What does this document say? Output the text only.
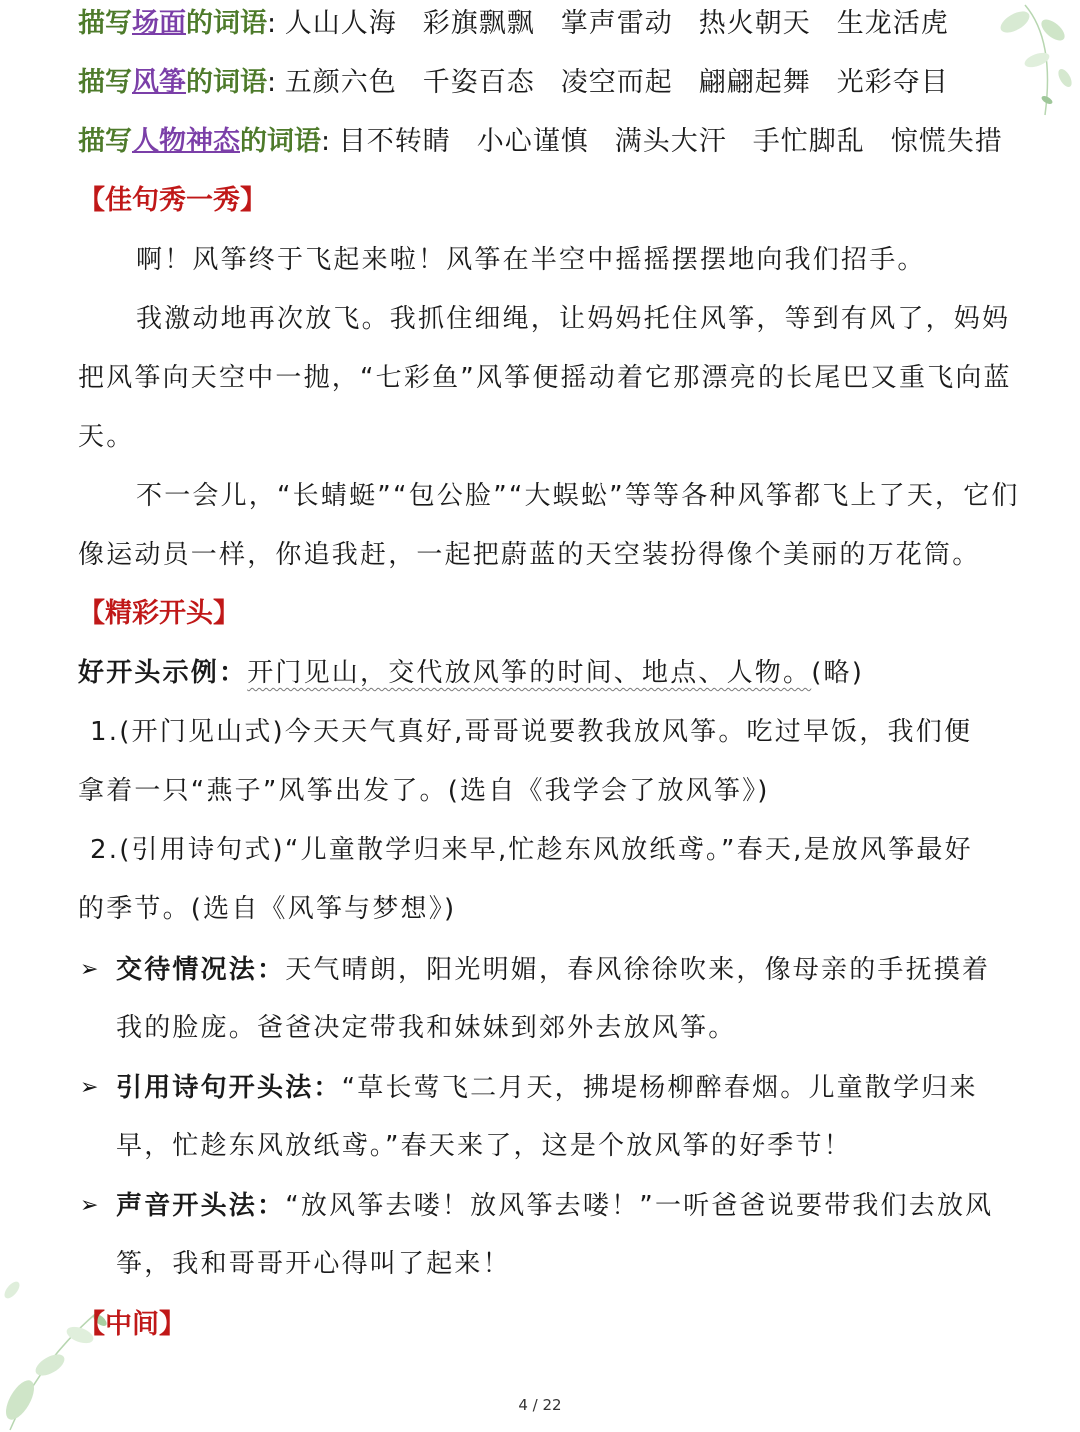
描写场面的词语: 人山人海 彩旗飘飘 掌声雷动 热火朝天 生龙活虎
描写风筝的词语: 五颜六色 千姿百态 凌空而起 翩翩起舞 光彩夺目
描写人物神态的词语: 目不转睛 小心谨慎 满头大汗 手忙脚乱 惊慌失措
【佳句秀一秀】
啊！风筝终于飞起来啦！风筝在半空中摇摇摆摆地向我们招手。
我激动地再次放飞。我抓住细绳，让妈妈托住风筝，等到有风了，妈妈
把风筝向天空中一抛，“七彩鱼”风筝便摇动着它那漂亮的长尾巴又重飞向蓝
天。
不一会儿，“长蜻蜓”“包公脸”“大蜈蚣”等等各种风筝都飞上了天，它们
像运动员一样，你追我赶，一起把蔚蓝的天空装扮得像个美丽的万花筒。
【精彩开头】
好开头示例：开门见山，交代放风筝的时间、地点、人物。(略)
1.(开门见山式)今天天气真好,哥哥说要教我放风筝。吃过早饭，我们便
拿着一只“燕子”风筝出发了。(选自《我学会了放风筝》)
2.(引用诗句式)“儿童散学归来早,忙趁东风放纸鸢。”春天,是放风筝最好
的季节。(选自《风筝与梦想》)
➢ 交待情况法：天气晴朗，阳光明媚，春风徐徐吹来，像母亲的手抚摸着
我的脸庞。爸爸决定带我和妹妹到郊外去放风筝。
➢ 引用诗句开头法：“草长莺飞二月天，拂堤杨柳醉春烟。儿童散学归来
早，忙趁东风放纸鸢。”春天来了，这是个放风筝的好季节！
➢ 声音开头法：“放风筝去喽！放风筝去喽！”一听爸爸说要带我们去放风
筝，我和哥哥开心得叫了起来！
【中间】
4 / 22
